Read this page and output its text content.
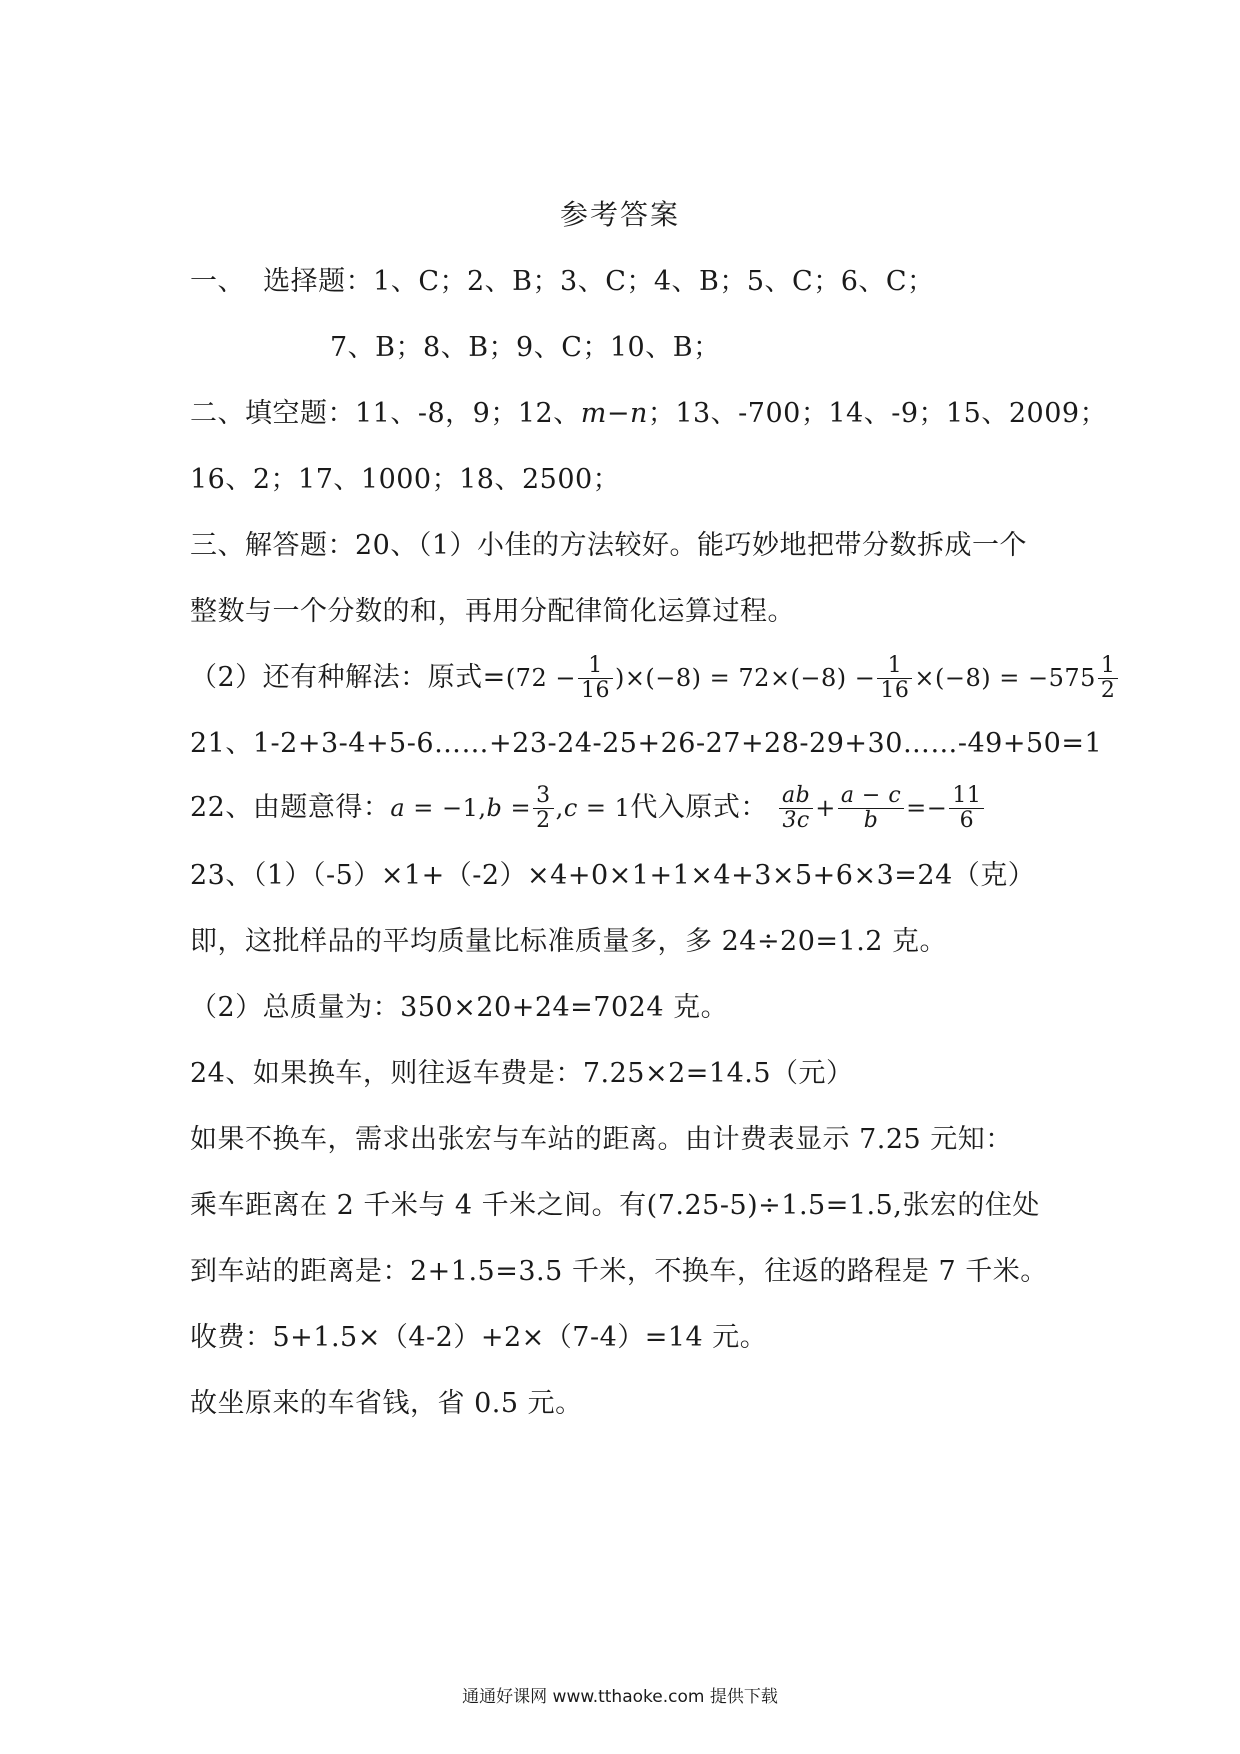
参考答案
一、 选择题：1、C；2、B；3、C；4、B；5、C；6、C；
7、B；8、B；9、C；10、B；
二、填空题：11、-8，9；12、m−n；13、-700；14、-9；15、2009；
16、2；17、1000；18、2500；
三、解答题：20、（1）小佳的方法较好。能巧妙地把带分数拆成一个
整数与一个分数的和，再用分配律简化运算过程。
（2）还有种解法：原式$=(72 - \frac{1}{16} )\times(-8) = 72\times(-8) - \frac{1}{16} \times(-8) = -575 \frac{1}{2}$
21、1-2+3-4+5-6……+23-24-25+26-27+28-29+30……-49+50=1
22、由题意得：$a = -1,b = \frac{3}{2} ,c = 1$代入原式： $\frac{ab}{3c} + \frac{a - c}{b} =- \frac{11}{6}$
23、（1）（-5）×1+（-2）×4+0×1+1×4+3×5+6×3=24（克）
即，这批样品的平均质量比标准质量多，多 24÷20=1.2 克。
（2）总质量为：350×20+24=7024 克。
24、如果换车，则往返车费是：7.25×2=14.5（元）
如果不换车，需求出张宏与车站的距离。由计费表显示 7.25 元知：
乘车距离在 2 千米与 4 千米之间。有(7.25-5)÷1.5=1.5,张宏的住处
到车站的距离是：2+1.5=3.5 千米，不换车，往返的路程是 7 千米。
收费：5+1.5×（4-2）+2×（7-4）=14 元。
故坐原来的车省钱，省 0.5 元。
通通好课网 www.tthaoke.com 提供下载
